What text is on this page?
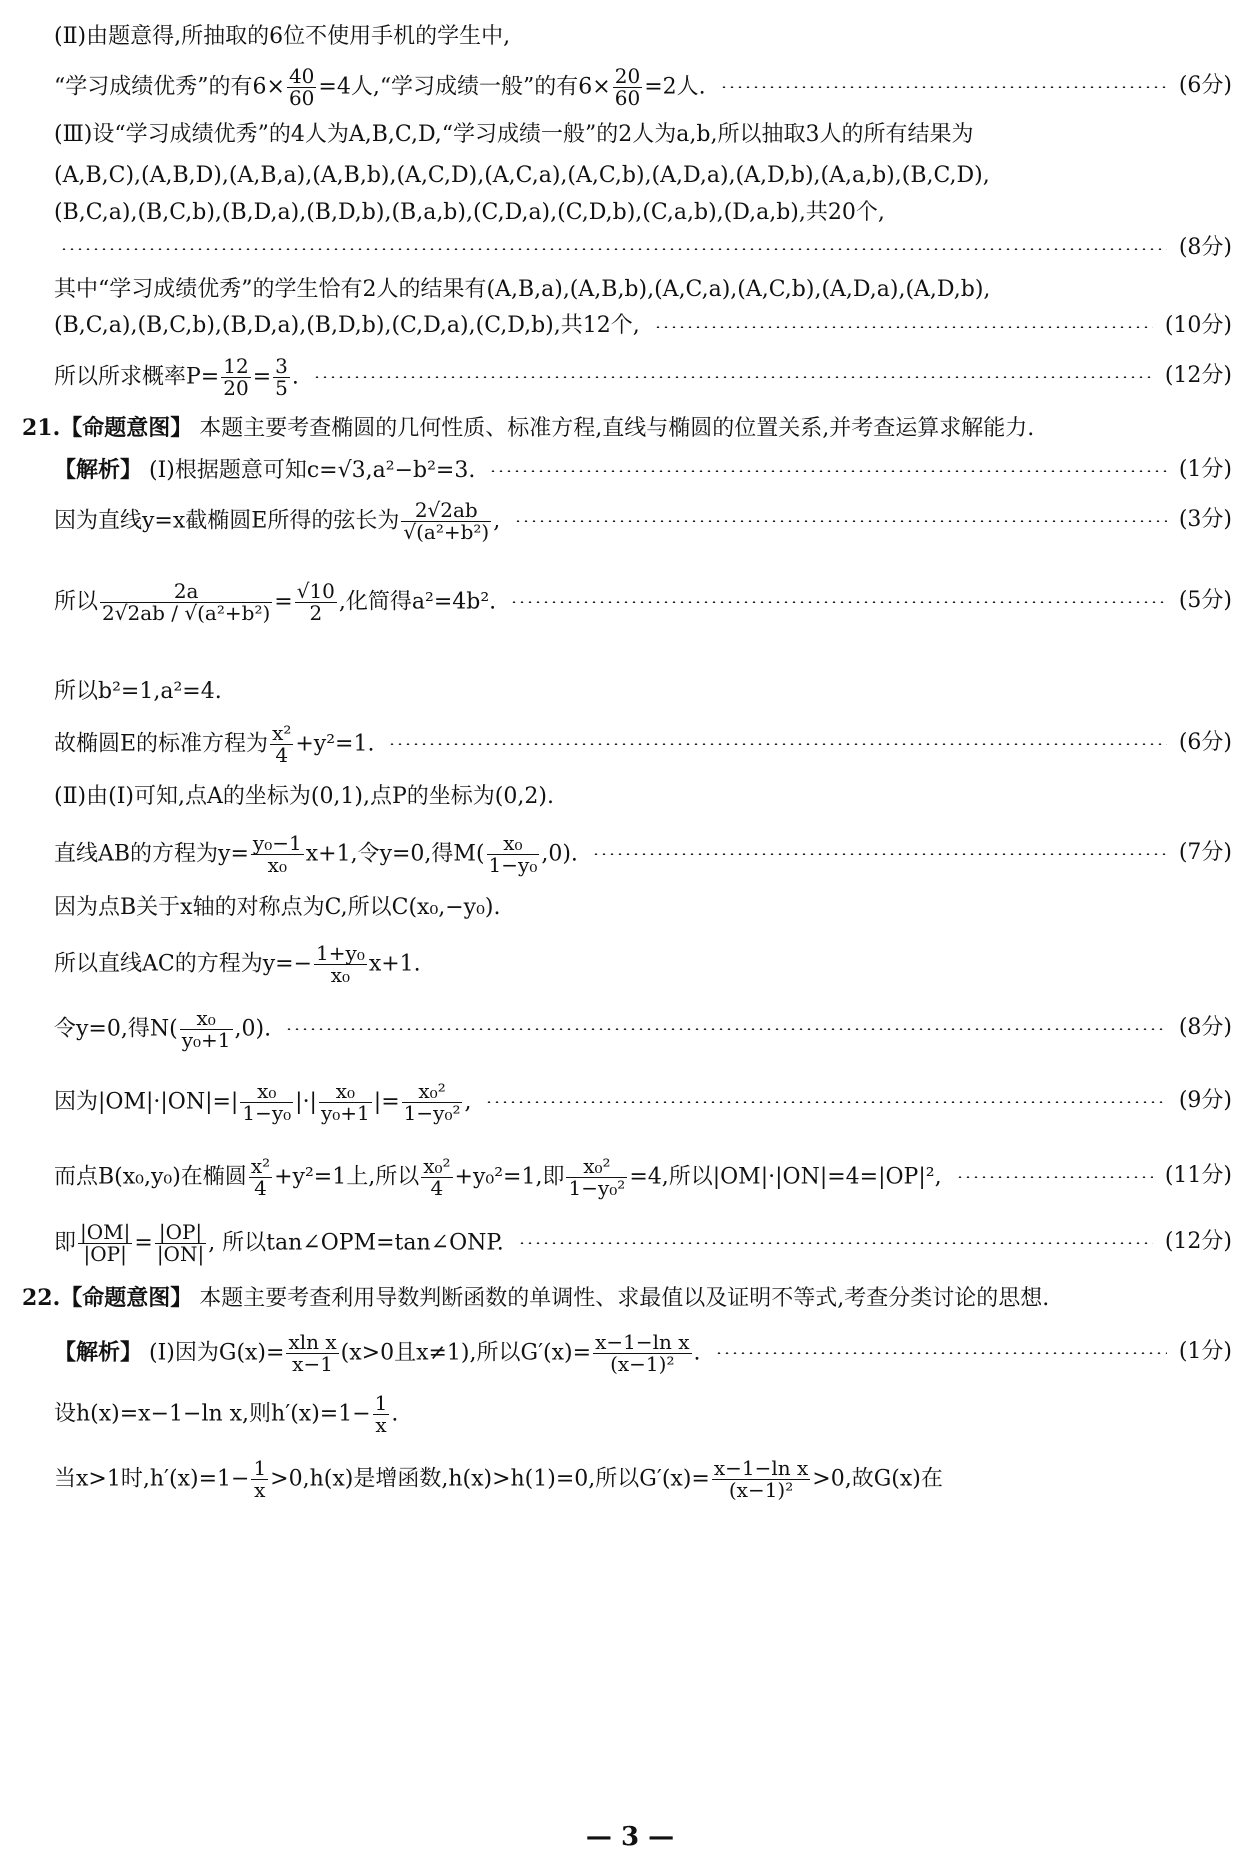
(Ⅱ)由题意得,所抽取的6位不使用手机的学生中,
“学习成绩优秀”的有$6\times \frac{40}{60} =4$人,“学习成绩一般”的有$6\times \frac{20}{60} =2$人.	(6分)
(Ⅲ)设“学习成绩优秀”的4人为A,B,C,D,“学习成绩一般”的2人为a,b,所以抽取3人的所有结果为
(A,B,C),(A,B,D),(A,B,a),(A,B,b),(A,C,D),(A,C,a),(A,C,b),(A,D,a),(A,D,b),(A,a,b),(B,C,D),
(B,C,a),(B,C,b),(B,D,a),(B,D,b),(B,a,b),(C,D,a),(C,D,b),(C,a,b),(D,a,b),共20个,
(8分)
其中“学习成绩优秀”的学生恰有2人的结果有(A,B,a),(A,B,b),(A,C,a),(A,C,b),(A,D,a),(A,D,b),
(B,C,a),(B,C,b),(B,D,a),(B,D,b),(C,D,a),(C,D,b),共12个,	(10分)
所以所求概率$P= \frac{12}{20} = \frac{3}{5}$ .	(12分)
21.【命题意图】 本题主要考查椭圆的几何性质、标准方程,直线与椭圆的位置关系,并考查运算求解能力.
【解析】 (Ⅰ)根据题意可知c=√3,a²−b²=3.	(1分)
因为直线y=x截椭圆E所得的弦长为 $\frac{2√2ab}{\text{√(a²+b²)}}$ ,	(3分)
所以 $\frac{2a}{\text{2√2ab / √(a²+b²)}} = \frac{√10}{2}$ ,化简得a²=4b².	(5分)
所以b²=1,a²=4.
故椭圆E的标准方程为 $\frac{\text{x²}}{4} +y^2=1$.	(6分)
(Ⅱ)由(Ⅰ)可知,点A的坐标为(0,1),点P的坐标为(0,2).
直线AB的方程为$y= \frac{\text{y₀−1}}{\text{x₀}} x+1$,令y=0,得$M( \frac{\text{x₀}}{\text{1−y₀}} ,0)$.	(7分)
因为点B关于x轴的对称点为C,所以C(x₀,−y₀).
所以直线AC的方程为$y=- \frac{\text{1+y₀}}{\text{x₀}} x+1$.
令y=0,得$N( \frac{\text{x₀}}{\text{y₀+1}} ,0)$.	(8分)
因为$|OM|\cdot|ON|=| \frac{\text{x₀}}{\text{1−y₀}}$ |·| $\frac{\text{x₀}}{\text{y₀+1}}$ |= $\frac{\text{x₀²}}{\text{1−y₀²}}$ ,	(9分)
而点B(x₀,y₀)在椭圆 $\frac{\text{x²}}{4} +y^2=1$上,所以 $\frac{\text{x₀²}}{4} +y_0^2=1$,即 $\frac{\text{x₀²}}{\text{1−y₀²}} =4$,所以|OM|·|ON|=4=|OP|²,	(11分)
即 $\frac{|OM|}{|OP|} = \frac{|OP|}{|ON|}$ , 所以tan∠OPM=tan∠ONP.	(12分)
22.【命题意图】 本题主要考查利用导数判断函数的单调性、求最值以及证明不等式,考查分类讨论的思想.
【解析】 (Ⅰ)因为$G(x)= \frac{\text{xln x}}{x-1} (x>0$且x≠1),所以$G'(x)= \frac{\text{x−1−ln x}}{\text{(x−1)²}}$ .	(1分)
设h(x)=x−1−ln x,则$h'(x)=1- \frac{1}{x}$ .
当x>1时$,h'(x)=1- \frac{1}{x} >0,h(x)$是增函数,h(x)>h(1)=0,所以$G'(x)= \frac{\text{x−1−ln x}}{\text{(x−1)²}} >0$,故G(x)在
— 3 —
